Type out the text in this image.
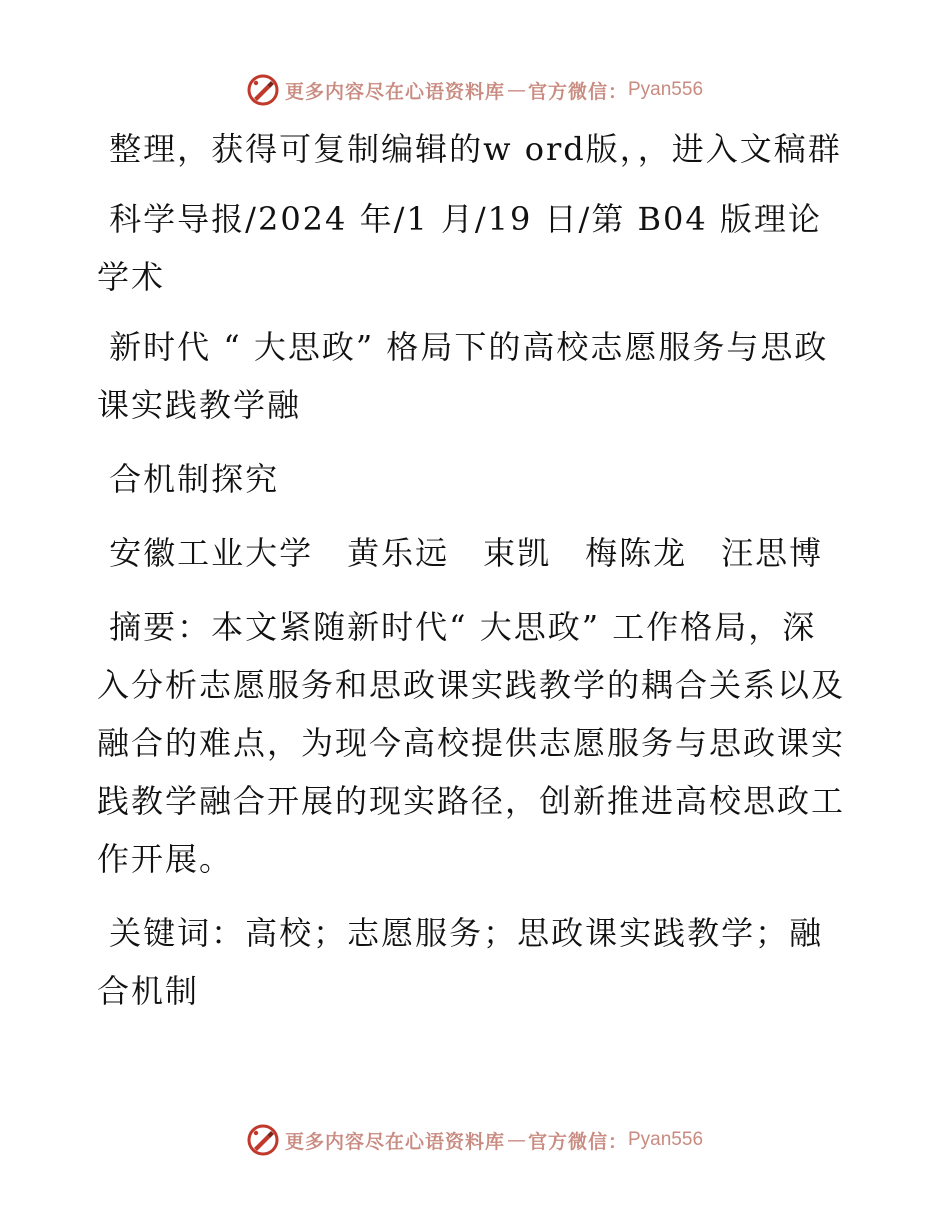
更多内容尽在心语资料库 — 官方微信： Pyan556

整理，获得可复制编辑的w ord版，，进入文稿群

科学导报/2024 年/1 月/19 日/第 B04 版理论学术

新时代 “ 大思政” 格局下的高校志愿服务与思政课实践教学融

合机制探究

安徽工业大学　黄乐远　束凯　梅陈龙　汪思博

摘要：本文紧随新时代“ 大思政” 工作格局，深入分析志愿服务和思政课实践教学的耦合关系以及融合的难点，为现今高校提供志愿服务与思政课实践教学融合开展的现实路径，创新推进高校思政工作开展。

关键词：高校；志愿服务；思政课实践教学；融合机制

更多内容尽在心语资料库 — 官方微信： Pyan556
